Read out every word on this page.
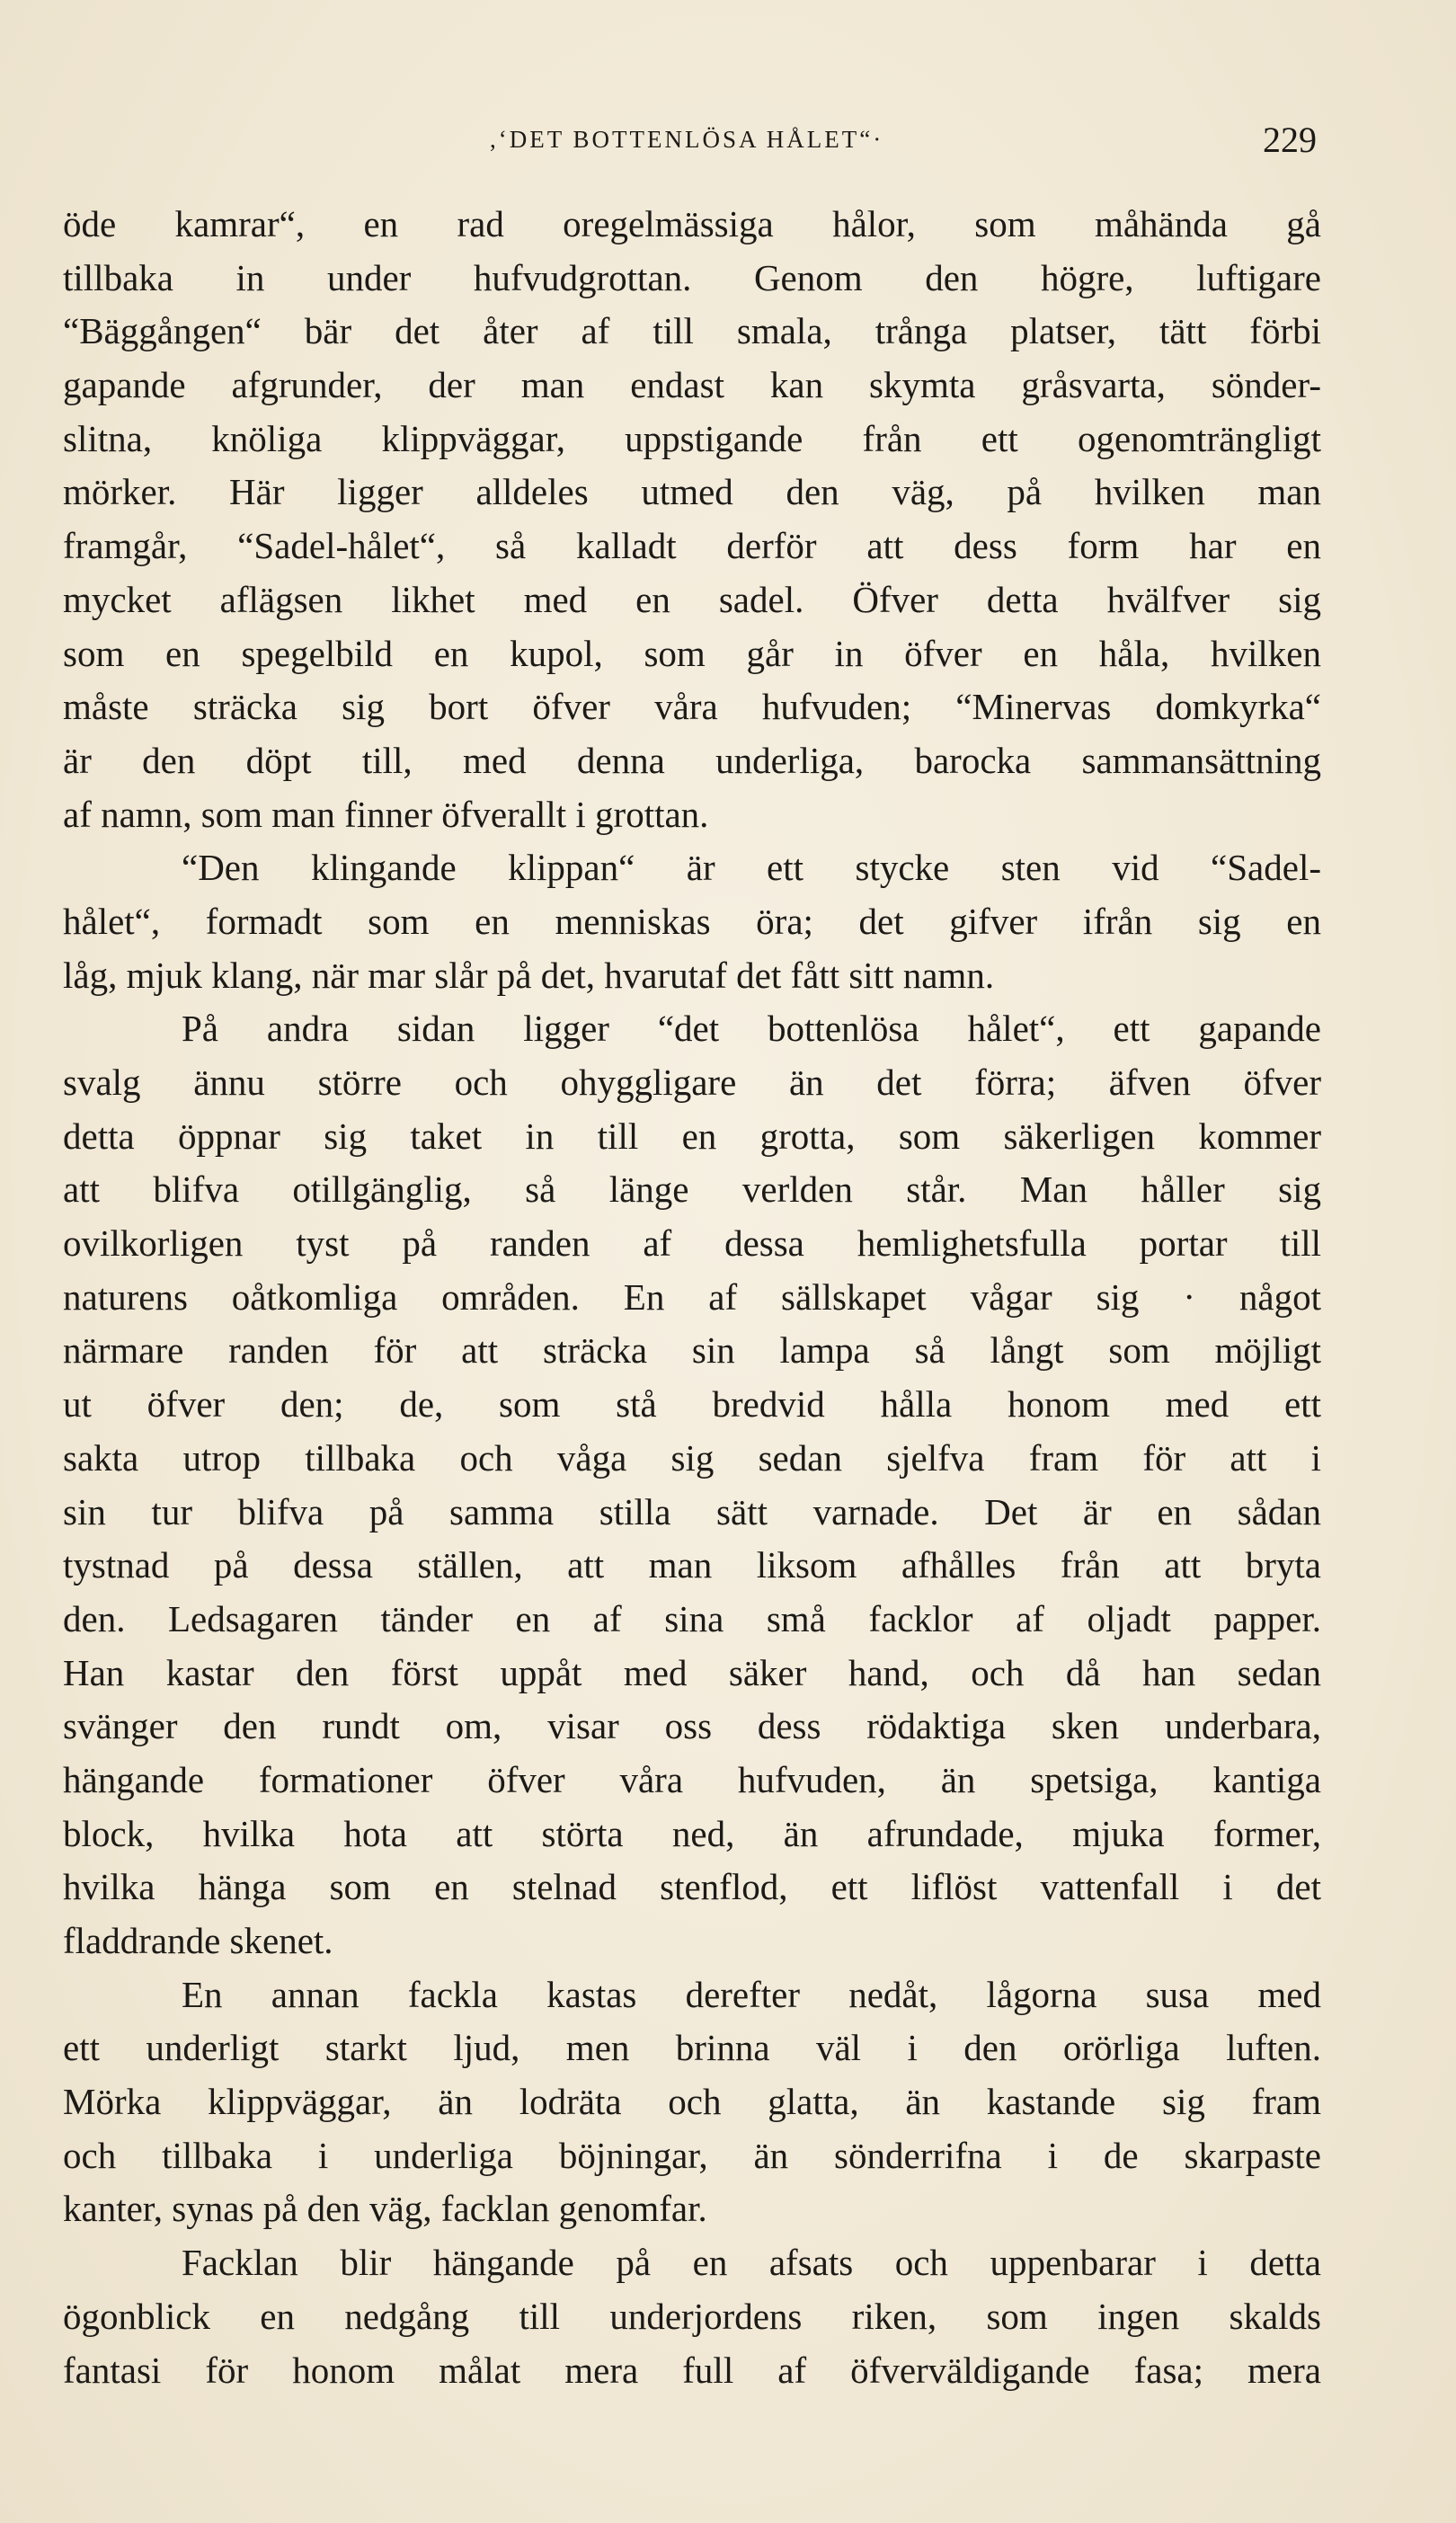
,‘DET BOTTENLÖSA HÅLET“·	229
öde kamrar“, en rad oregelmässiga hålor, som måhända gå
tillbaka in under hufvudgrottan. Genom den högre, luftigare
“Bäggången“ bär det åter af till smala, trånga platser, tätt förbi
gapande afgrunder, der man endast kan skymta gråsvarta, sönder-
slitna, knöliga klippväggar, uppstigande från ett ogenomträngligt
mörker. Här ligger alldeles utmed den väg, på hvilken man
framgår, “Sadel-hålet“, så kalladt derför att dess form har en
mycket aflägsen likhet med en sadel. Öfver detta hvälfver sig
som en spegelbild en kupol, som går in öfver en håla, hvilken
måste sträcka sig bort öfver våra hufvuden; “Minervas domkyrka“
är den döpt till, med denna underliga, barocka sammansättning
af namn, som man finner öfverallt i grottan.
“Den klingande klippan“ är ett stycke sten vid “Sadel-
hålet“, formadt som en menniskas öra; det gifver ifrån sig en
låg, mjuk klang, när mar slår på det, hvarutaf det fått sitt namn.
På andra sidan ligger “det bottenlösa hålet“, ett gapande
svalg ännu större och ohyggligare än det förra; äfven öfver
detta öppnar sig taket in till en grotta, som säkerligen kommer
att blifva otillgänglig, så länge verlden står. Man håller sig
ovilkorligen tyst på randen af dessa hemlighetsfulla portar till
naturens oåtkomliga områden. En af sällskapet vågar sig · något
närmare randen för att sträcka sin lampa så långt som möjligt
ut öfver den; de, som stå bredvid hålla honom med ett
sakta utrop tillbaka och våga sig sedan sjelfva fram för att i
sin tur blifva på samma stilla sätt varnade. Det är en sådan
tystnad på dessa ställen, att man liksom afhålles från att bryta
den. Ledsagaren tänder en af sina små facklor af oljadt papper.
Han kastar den först uppåt med säker hand, och då han sedan
svänger den rundt om, visar oss dess rödaktiga sken underbara,
hängande formationer öfver våra hufvuden, än spetsiga, kantiga
block, hvilka hota att störta ned, än afrundade, mjuka former,
hvilka hänga som en stelnad stenflod, ett liflöst vattenfall i det
fladdrande skenet.
En annan fackla kastas derefter nedåt, lågorna susa med
ett underligt starkt ljud, men brinna väl i den orörliga luften.
Mörka klippväggar, än lodräta och glatta, än kastande sig fram
och tillbaka i underliga böjningar, än sönderrifna i de skarpaste
kanter, synas på den väg, facklan genomfar.
Facklan blir hängande på en afsats och uppenbarar i detta
ögonblick en nedgång till underjordens riken, som ingen skalds
fantasi för honom målat mera full af öfverväldigande fasa; mera
